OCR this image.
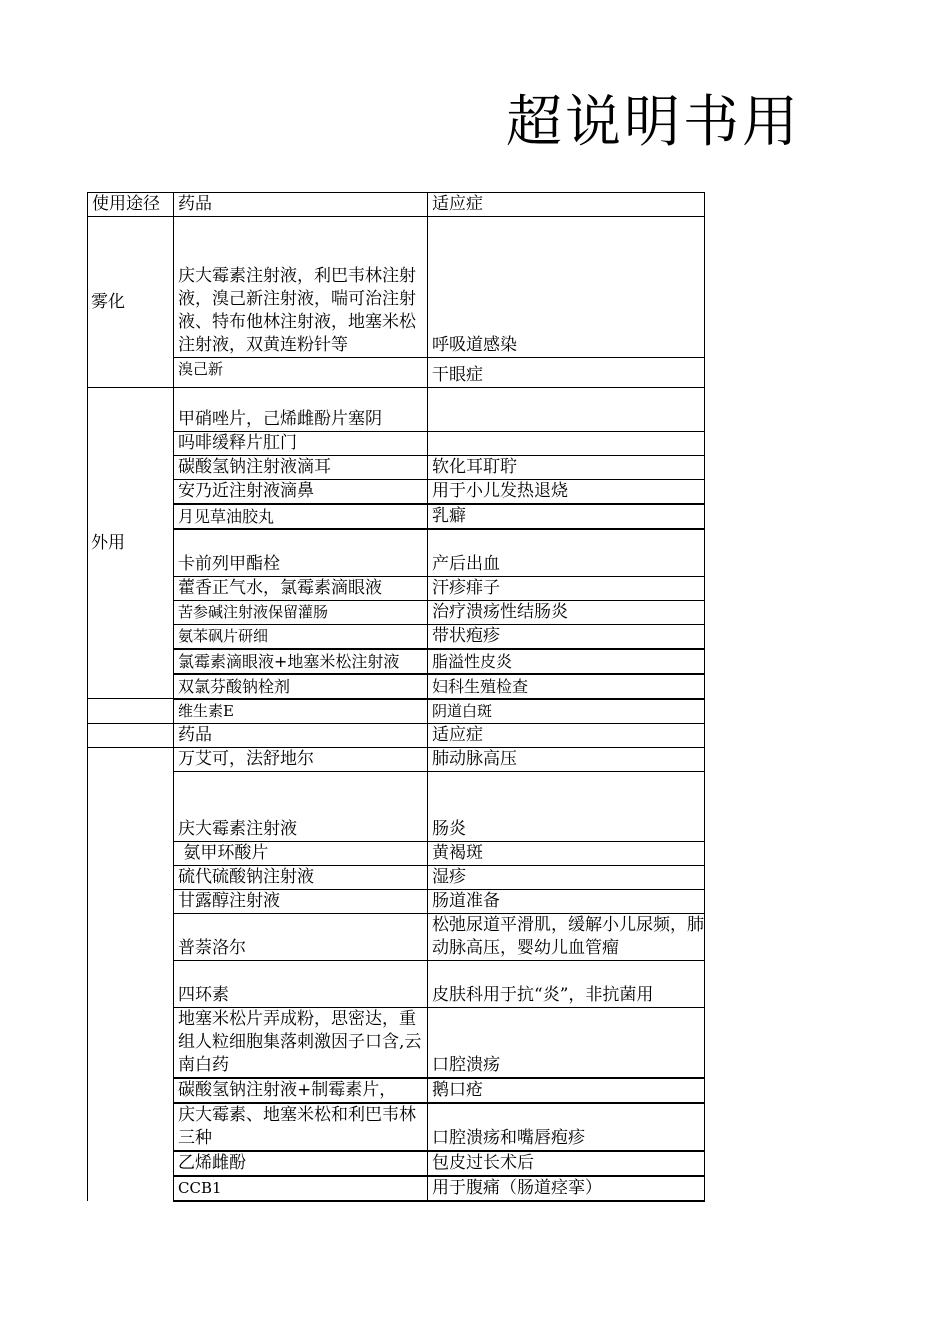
超说明书用
使用途径	药品	适应症
雾化	庆大霉素注射液，利巴韦林注射液，溴己新注射液，喘可治注射液、特布他林注射液，地塞米松注射液，双黄连粉针等	呼吸道感染
	溴己新	干眼症
外用	甲硝唑片，己烯雌酚片塞阴	
	吗啡缓释片肛门	
	碳酸氢钠注射液滴耳	软化耳耵聍
	安乃近注射液滴鼻	用于小儿发热退烧
	月见草油胶丸	乳癖
	卡前列甲酯栓	产后出血
	藿香正气水，氯霉素滴眼液	汗疹痱子
	苦参碱注射液保留灌肠	治疗溃疡性结肠炎
	氨苯砜片研细	带状疱疹
	氯霉素滴眼液+地塞米松注射液	脂溢性皮炎
	双氯芬酸钠栓剂	妇科生殖检查
	维生素E	阴道白斑
	药品	适应症
	万艾可，法舒地尔	肺动脉高压
	庆大霉素注射液	肠炎
	氨甲环酸片	黄褐斑
	硫代硫酸钠注射液	湿疹
	甘露醇注射液	肠道准备
	普萘洛尔	松弛尿道平滑肌，缓解小儿尿频，肺动脉高压，婴幼儿血管瘤
	四环素	皮肤科用于抗“炎”，非抗菌用
	地塞米松片弄成粉，思密达，重组人粒细胞集落刺激因子口含,云南白药	口腔溃疡
	碳酸氢钠注射液+制霉素片，	鹅口疮
	庆大霉素、地塞米松和利巴韦林三种	口腔溃疡和嘴唇疱疹
	乙烯雌酚	包皮过长术后
	CCB1	用于腹痛（肠道痉挛）
